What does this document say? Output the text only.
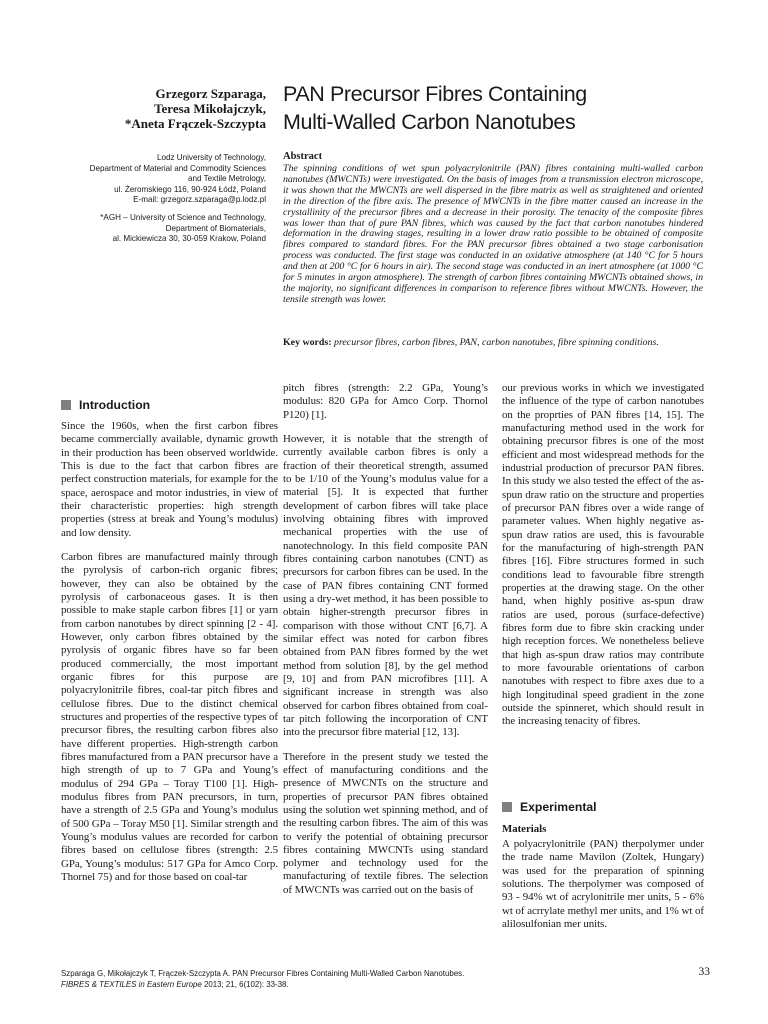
Grzegorz Szparaga,
Teresa Mikołajczyk,
*Aneta Frączek-Szczypta
PAN Precursor Fibres Containing
Multi-Walled Carbon Nanotubes
Lodz University of Technology,
Department of Material and Commodity Sciences
and Textile Metrology,
ul. Żeromskiego 116, 90-924 Łódź, Poland
E-mail: grzegorz.szparaga@p.lodz.pl
*AGH – University of Science and Technology,
Department of Biomaterials,
al. Mickiewicza 30, 30-059 Krakow, Poland
Abstract
The spinning conditions of wet spun polyacrylonitrile (PAN) fibres containing multi-walled carbon nanotubes (MWCNTs) were investigated. On the basis of images from a transmission electron microscope, it was shown that the MWCNTs are well dispersed in the fibre matrix as well as straightened and oriented in the direction of the fibre axis. The presence of MWCNTs in the fibre matter caused an increase in the crystallinity of the precursor fibres and a decrease in their porosity. The tenacity of the composite fibres was lower than that of pure PAN fibres, which was caused by the fact that carbon nanotubes hindered deformation in the drawing stages, resulting in a lower draw ratio possible to be obtained of composite fibres compared to standard fibres. For the PAN precursor fibres obtained a two stage carbonisation process was conducted. The first stage was conducted in an oxidative atmosphere (at 140 °C for 5 hours and then at 200 °C for 6 hours in air). The second stage was conducted in an inert atmosphere (at 1000 °C for 5 minutes in argon atmosphere). The strength of carbon fibres containing MWCNTs obtained shows, in the majority, no significant differences in comparison to reference fibres without MWCNTs. However, the tensile strength was lower.
Key words: precursor fibres, carbon fibres, PAN, carbon nanotubes, fibre spinning conditions.
Introduction

Since the 1960s, when the first carbon fibres became commercially available, dynamic growth in their production has been observed worldwide. This is due to the fact that carbon fibres are perfect construction materials, for example for the space, aerospace and motor industries, in view of their characteristic properties: high strength properties (stress at break and Young’s modulus) and low density.

Carbon fibres are manufactured mainly through the pyrolysis of carbon-rich organic fibres; however, they can also be obtained by the pyrolysis of carbonaceous gases. It is then possible to make staple carbon fibres [1] or yarn from carbon nanotubes by direct spinning [2 - 4]. However, only carbon fibres obtained by the pyrolysis of organic fibres have so far been produced commercially, the most important organic fibres for this purpose are polyacrylonitrile fibres, coal-tar pitch fibres and cellulose fibres. Due to the distinct chemical structures and properties of the respective types of precursor fibres, the resulting carbon fibres also have different properties. High-strength carbon fibres manufactured from a PAN precursor have a high strength of up to 7 GPa and Young’s modulus of 294 GPa – Toray T100 [1]. High-modulus fibres from PAN precursors, in turn, have a strength of 2.5 GPa and Young’s modulus of 500 GPa – Toray M50 [1]. Similar strength and Young’s modulus values are recorded for carbon fibres based on cellulose fibres (strength: 2.5 GPa, Young’s modulus: 517 GPa for Amco Corp. Thornel 75) and for those based on coal-tar

pitch fibres (strength: 2.2 GPa, Young’s modulus: 820 GPa for Amco Corp. Thornol P120) [1].

However, it is notable that the strength of currently available carbon fibres is only a fraction of their theoretical strength, assumed to be 1/10 of the Young’s modulus value for a material [5]. It is expected that further development of carbon fibres will take place involving obtaining fibres with improved mechanical properties with the use of nanotechnology. In this field composite PAN fibres containing carbon nanotubes (CNT) as precursors for carbon fibres can be used. In the case of PAN fibres containing CNT formed using a dry-wet method, it has been possible to obtain higher-strength precursor fibres in comparison with those without CNT [6,7]. A similar effect was noted for carbon fibres obtained from PAN fibres formed by the wet method from solution [8], by the gel method [9, 10] and from PAN microfibres [11]. A significant increase in strength was also observed for carbon fibres obtained from coal-tar pitch following the incorporation of CNT into the precursor fibre material [12, 13].

Therefore in the present study we tested the effect of manufacturing conditions and the presence of MWCNTs on the structure and properties of precursor PAN fibres obtained using the solution wet spinning method, and of the resulting carbon fibres. The aim of this was to verify the potential of obtaining precursor fibres containing MWCNTs using standard polymer and technology used for the manufacturing of textile fibres. The selection of MWCNTs was carried out on the basis of

our previous works in which we investigated the influence of the type of carbon nanotubes on the proprties of PAN fibres [14, 15]. The manufacturing method used in the work for obtaining precursor fibres is one of the most efficient and most widespread methods for the industrial production of precursor PAN fibres. In this study we also tested the effect of the as-spun draw ratio on the structure and properties of precursor PAN fibres over a wide range of parameter values. When highly negative as-spun draw ratios are used, this is favourable for the manufacturing of high-strength PAN fibres [16]. Fibre structures formed in such conditions lead to favourable fibre strength properties at the drawing stage. On the other hand, when highly positive as-spun draw ratios are used, porous (surface-defective) fibres form due to fibre skin cracking under high reception forces. We nonetheless believe that high as-spun draw ratios may contribute to more favourable orientations of carbon nanotubes with respect to fibre axes due to a high longitudinal speed gradient in the zone outside the spinneret, which should result in the increasing tenacity of fibres.

Experimental
Materials
A polyacrylonitrile (PAN) therpolymer under the trade name Mavilon (Zoltek, Hungary) was used for the preparation of spinning solutions. The therpolymer was composed of 93 - 94% wt of acrylonitrile mer units, 5 - 6% wt of acrrylate methyl mer units, and 1% wt of alilosulfonian mer units.
Szparaga G, Mikołajczyk T, Frączek-Szczypta A. PAN Precursor Fibres Containing Multi-Walled Carbon Nanotubes.
FIBRES & TEXTILES in Eastern Europe 2013; 21, 6(102): 33-38.
33
